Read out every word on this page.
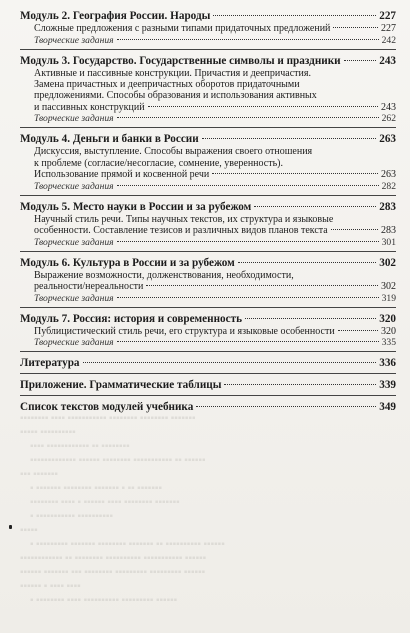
Модуль 2. География России. Народы	227
Сложные предложения с разными типами придаточных предложений	227
Творческие задания	242
Модуль 3. Государство. Государственные символы и праздники	243
Активные и пассивные конструкции. Причастия и деепричастия.
Замена причастных и деепричастных оборотов придаточными
предложениями. Способы образования и использования активных
и пассивных конструкций	243
Творческие задания	262
Модуль 4. Деньги и банки в России	263
Дискуссия, выступление. Способы выражения своего отношения
к проблеме (согласие/несогласие, сомнение, уверенность).
Использование прямой и косвенной речи	263
Творческие задания	282
Модуль 5. Место науки в России и за рубежом	283
Научный стиль речи. Типы научных текстов, их структура и языковые
особенности. Составление тезисов и различных видов планов текста	283
Творческие задания	301
Модуль 6. Культура в России и за рубежом	302
Выражение возможности, долженствования, необходимости,
реальности/нереальности	302
Творческие задания	319
Модуль 7. Россия: история и современность	320
Публицистический стиль речи, его структура и языковые особенности	320
Творческие задания	335
Литература	336
Приложение. Грамматические таблицы	339
Список текстов модулей учебника	349
▪▪▪▪▪▪▪▪ ▪▪▪▪ ▪▪▪▪▪▪▪▪▪▪▪ ▪▪▪▪▪▪▪▪ ▪▪▪▪▪▪▪▪ ▪▪▪▪▪▪▪
▪▪▪▪▪ ▪▪▪▪▪▪▪▪▪▪
▪▪▪▪ ▪▪▪▪▪▪▪▪▪▪▪▪ ▪▪ ▪▪▪▪▪▪▪▪
▪▪▪▪▪▪▪▪▪▪▪▪▪ ▪▪▪▪▪▪ ▪▪▪▪▪▪▪▪ ▪▪▪▪▪▪▪▪▪▪▪ ▪▪ ▪▪▪▪▪▪
▪▪▪ ▪▪▪▪▪▪▪
▪ ▪▪▪▪▪▪▪ ▪▪▪▪▪▪▪▪ ▪▪▪▪▪▪▪ ▪ ▪▪ ▪▪▪▪▪▪▪
▪▪▪▪▪▪▪▪ ▪▪▪▪ ▪ ▪▪▪▪▪▪ ▪▪▪▪ ▪▪▪▪▪▪▪▪ ▪▪▪▪▪▪▪
▪ ▪▪▪▪▪▪▪▪▪▪▪ ▪▪▪▪▪▪▪▪▪▪
▪▪▪▪▪
▪ ▪▪▪▪▪▪▪▪▪ ▪▪▪▪▪▪▪ ▪▪▪▪▪▪▪▪ ▪▪▪▪▪▪▪ ▪▪ ▪▪▪▪▪▪▪▪▪▪ ▪▪▪▪▪▪
▪▪▪▪▪▪▪▪▪▪▪▪ ▪▪ ▪▪▪▪▪▪▪▪ ▪▪▪▪▪▪▪▪▪▪ ▪▪▪▪▪▪▪▪▪▪▪ ▪▪▪▪▪▪
▪▪▪▪▪▪ ▪▪▪▪▪▪▪ ▪▪▪ ▪▪▪▪▪▪▪▪ ▪▪▪▪▪▪▪▪▪ ▪▪▪▪▪▪▪▪▪ ▪▪▪▪▪▪
▪▪▪▪▪▪ ▪ ▪▪▪▪ ▪▪▪▪
▪ ▪▪▪▪▪▪▪▪ ▪▪▪▪ ▪▪▪▪▪▪▪▪▪▪ ▪▪▪▪▪▪▪▪▪ ▪▪▪▪▪▪
